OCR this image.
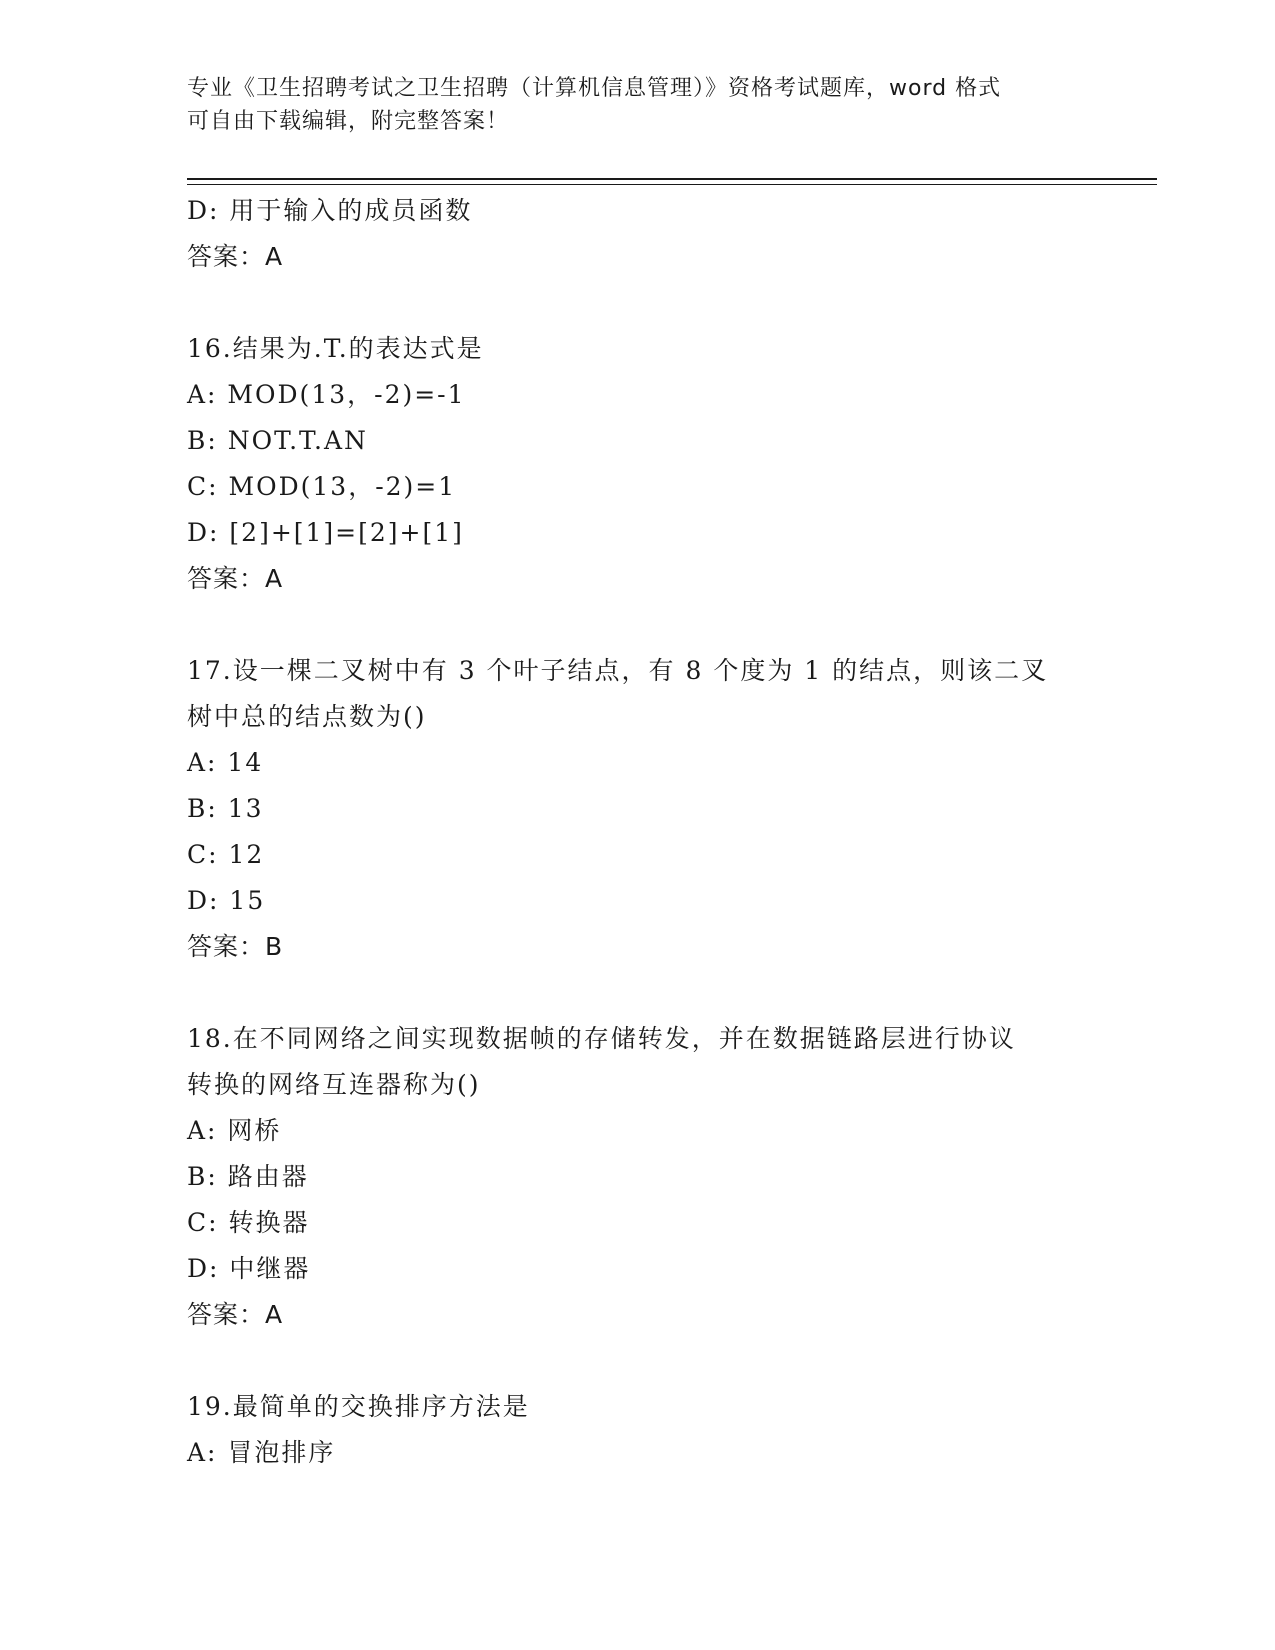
专业《卫生招聘考试之卫生招聘（计算机信息管理）》资格考试题库，word 格式
可自由下载编辑，附完整答案！
D: 用于输入的成员函数
答案：A
16.结果为.T.的表达式是
A: MOD(13，-2)=-1
B: NOT.T.AN
C: MOD(13，-2)=1
D: [2]+[1]=[2]+[1]
答案：A
17.设一棵二叉树中有 3 个叶子结点，有 8 个度为 1 的结点，则该二叉
树中总的结点数为()
A: 14
B: 13
C: 12
D: 15
答案：B
18.在不同网络之间实现数据帧的存储转发，并在数据链路层进行协议
转换的网络互连器称为()
A: 网桥
B: 路由器
C: 转换器
D: 中继器
答案：A
19.最简单的交换排序方法是
A: 冒泡排序
